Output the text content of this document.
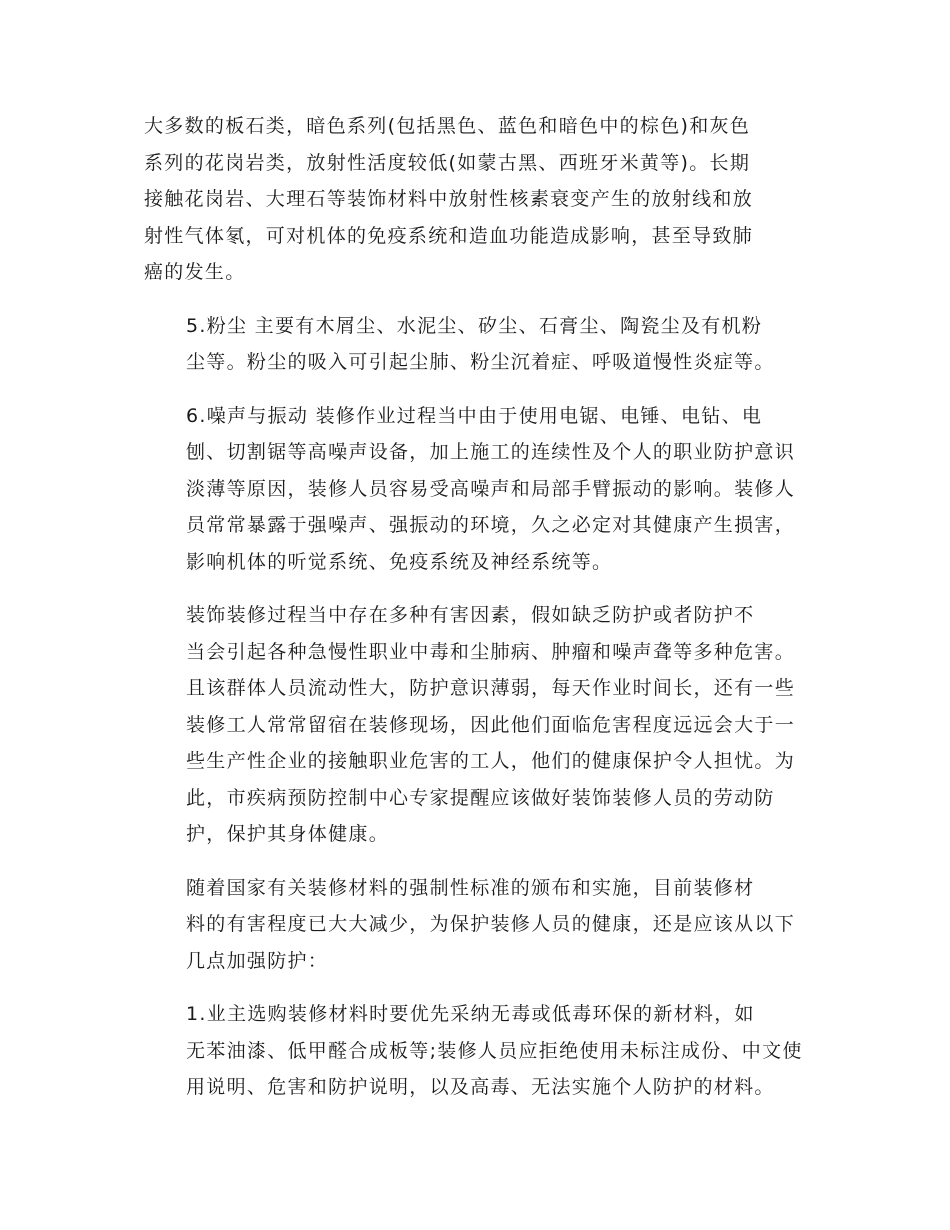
大多数的板石类，暗色系列(包括黑色、蓝色和暗色中的棕色)和灰色
系列的花岗岩类，放射性活度较低(如蒙古黑、西班牙米黄等)。长期
接触花岗岩、大理石等装饰材料中放射性核素衰变产生的放射线和放
射性气体氡，可对机体的免疫系统和造血功能造成影响，甚至导致肺
癌的发生。
5.粉尘 主要有木屑尘、水泥尘、矽尘、石膏尘、陶瓷尘及有机粉
尘等。粉尘的吸入可引起尘肺、粉尘沉着症、呼吸道慢性炎症等。
6.噪声与振动 装修作业过程当中由于使用电锯、电锤、电钻、电
刨、切割锯等高噪声设备，加上施工的连续性及个人的职业防护意识
淡薄等原因，装修人员容易受高噪声和局部手臂振动的影响。装修人
员常常暴露于强噪声、强振动的环境，久之必定对其健康产生损害，
影响机体的听觉系统、免疫系统及神经系统等。
装饰装修过程当中存在多种有害因素，假如缺乏防护或者防护不
当会引起各种急慢性职业中毒和尘肺病、肿瘤和噪声聋等多种危害。
且该群体人员流动性大，防护意识薄弱，每天作业时间长，还有一些
装修工人常常留宿在装修现场，因此他们面临危害程度远远会大于一
些生产性企业的接触职业危害的工人，他们的健康保护令人担忧。为
此，市疾病预防控制中心专家提醒应该做好装饰装修人员的劳动防
护，保护其身体健康。
随着国家有关装修材料的强制性标准的颁布和实施，目前装修材
料的有害程度已大大减少，为保护装修人员的健康，还是应该从以下
几点加强防护：
1.业主选购装修材料时要优先采纳无毒或低毒环保的新材料，如
无苯油漆、低甲醛合成板等;装修人员应拒绝使用未标注成份、中文使
用说明、危害和防护说明，以及高毒、无法实施个人防护的材料。
